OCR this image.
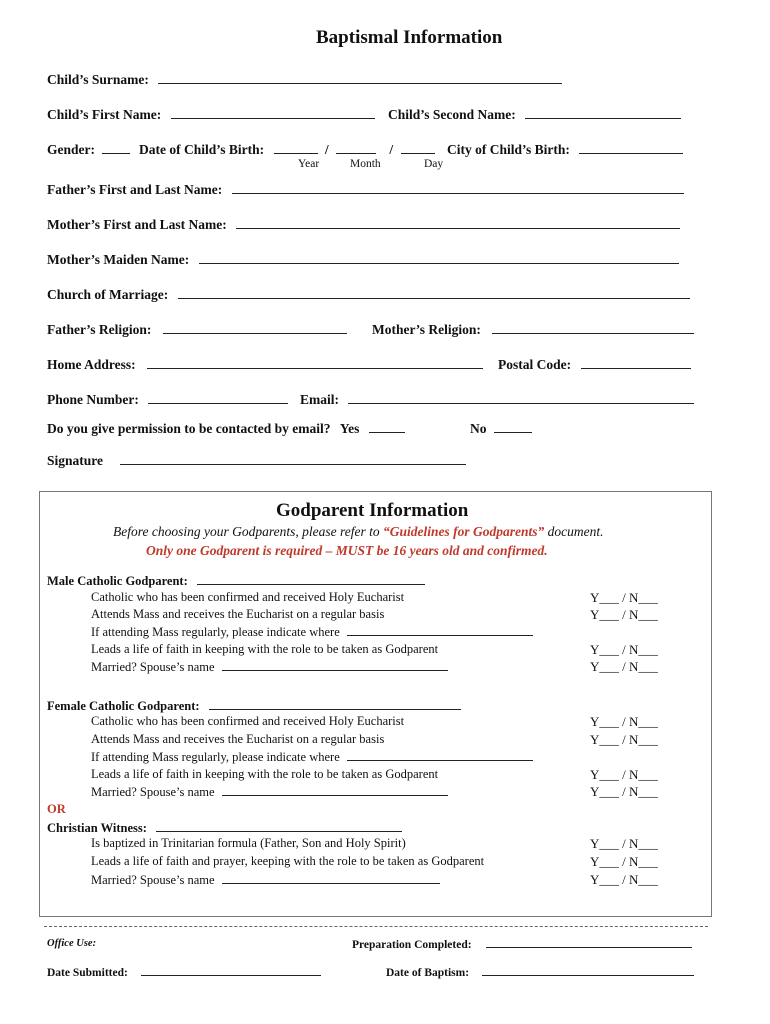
Baptismal Information
Child’s Surname:
Child’s First Name:	Child’s Second Name:
Gender:	Date of Child’s Birth:	/	/	City of Child’s Birth:
Year	Month	Day
Father’s First and Last Name:
Mother’s First and Last Name:
Mother’s Maiden Name:
Church of Marriage:
Father’s Religion:	Mother’s Religion:
Home Address:	Postal Code:
Phone Number:	Email:
Do you give permission to be contacted by email? Yes	No
Signature
Godparent Information
Before choosing your Godparents, please refer to “Guidelines for Godparents” document.
Only one Godparent is required – MUST be 16 years old and confirmed.
Male Catholic Godparent:
Catholic who has been confirmed and received Holy Eucharist	Y___ / N___
Attends Mass and receives the Eucharist on a regular basis	Y___ / N___
If attending Mass regularly, please indicate where
Leads a life of faith in keeping with the role to be taken as Godparent	Y___ / N___
Married? Spouse’s name	Y___ / N___
Female Catholic Godparent:
Catholic who has been confirmed and received Holy Eucharist	Y___ / N___
Attends Mass and receives the Eucharist on a regular basis	Y___ / N___
If attending Mass regularly, please indicate where
Leads a life of faith in keeping with the role to be taken as Godparent	Y___ / N___
Married? Spouse’s name	Y___ / N___
OR
Christian Witness:
Is baptized in Trinitarian formula (Father, Son and Holy Spirit)	Y___ / N___
Leads a life of faith and prayer, keeping with the role to be taken as Godparent	Y___ / N___
Married? Spouse’s name	Y___ / N___
Office Use:	Preparation Completed:
Date Submitted:	Date of Baptism:
